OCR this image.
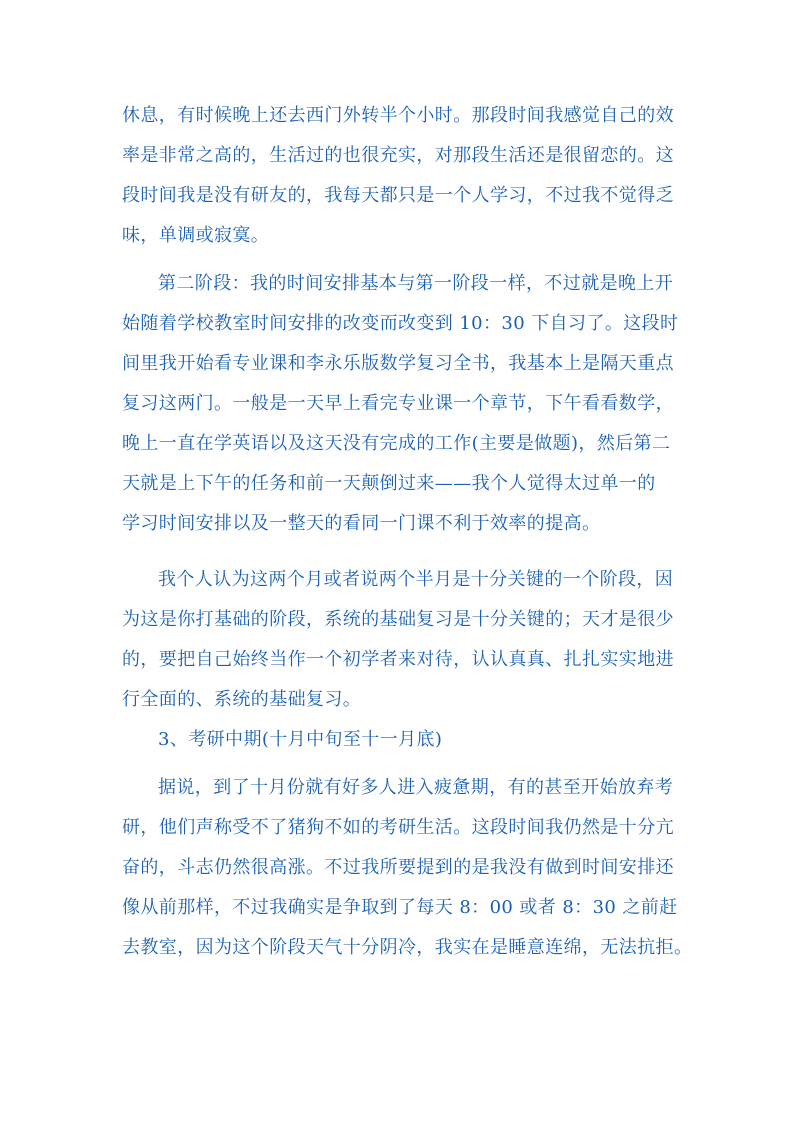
休息，有时候晚上还去西门外转半个小时。那段时间我感觉自己的效
率是非常之高的，生活过的也很充实，对那段生活还是很留恋的。这
段时间我是没有研友的，我每天都只是一个人学习，不过我不觉得乏
味，单调或寂寞。
第二阶段：我的时间安排基本与第一阶段一样，不过就是晚上开
始随着学校教室时间安排的改变而改变到 10：30 下自习了。这段时
间里我开始看专业课和李永乐版数学复习全书，我基本上是隔天重点
复习这两门。一般是一天早上看完专业课一个章节，下午看看数学，
晚上一直在学英语以及这天没有完成的工作(主要是做题)，然后第二
天就是上下午的任务和前一天颠倒过来——我个人觉得太过单一的
学习时间安排以及一整天的看同一门课不利于效率的提高。
我个人认为这两个月或者说两个半月是十分关键的一个阶段，因
为这是你打基础的阶段，系统的基础复习是十分关键的；天才是很少
的，要把自己始终当作一个初学者来对待，认认真真、扎扎实实地进
行全面的、系统的基础复习。
3、考研中期(十月中旬至十一月底)
据说，到了十月份就有好多人进入疲惫期，有的甚至开始放弃考
研，他们声称受不了猪狗不如的考研生活。这段时间我仍然是十分亢
奋的，斗志仍然很高涨。不过我所要提到的是我没有做到时间安排还
像从前那样，不过我确实是争取到了每天 8：00 或者 8：30 之前赶
去教室，因为这个阶段天气十分阴冷，我实在是睡意连绵，无法抗拒。
